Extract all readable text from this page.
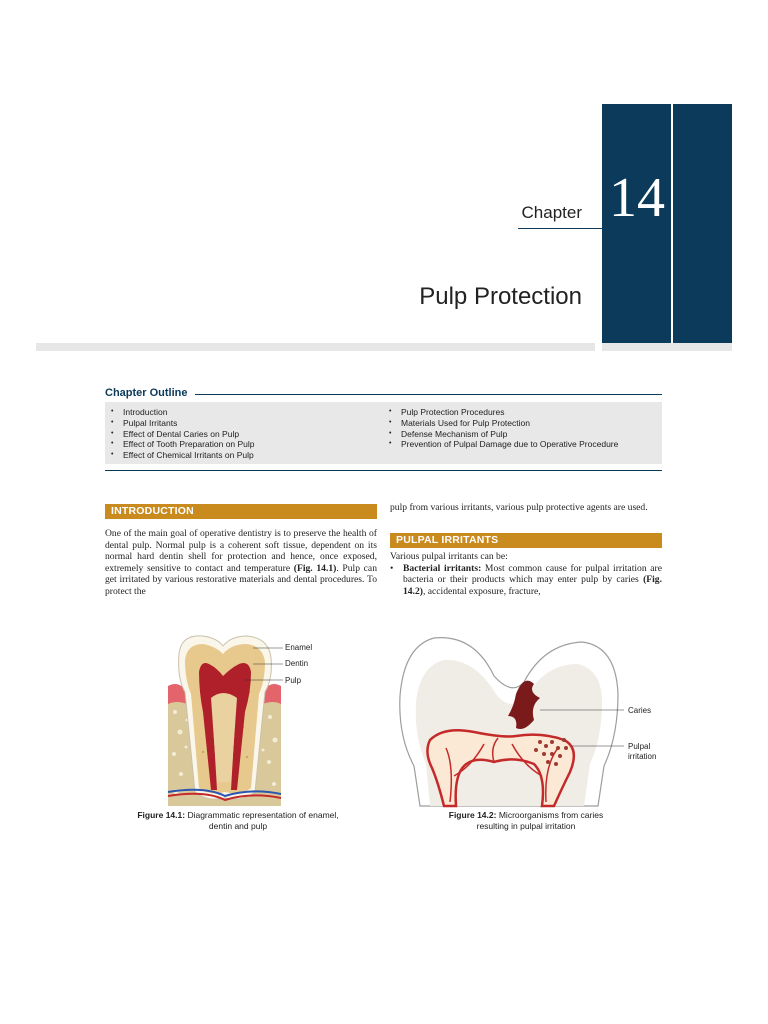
14
Chapter
Pulp Protection
Chapter Outline
• Introduction
• Pulpal Irritants
• Effect of Dental Caries on Pulp
• Effect of Tooth Preparation on Pulp
• Effect of Chemical Irritants on Pulp
• Pulp Protection Procedures
• Materials Used for Pulp Protection
• Defense Mechanism of Pulp
• Prevention of Pulpal Damage due to Operative Procedure
INTRODUCTION
One of the main goal of operative dentistry is to preserve the health of dental pulp. Normal pulp is a coherent soft tissue, dependent on its normal hard dentin shell for protection and hence, once exposed, extremely sensitive to contact and temperature (Fig. 14.1). Pulp can get irritated by various restorative materials and dental procedures. To protect the
pulp from various irritants, various pulp protective agents are used.
PULPAL IRRITANTS
Various pulpal irritants can be:
• Bacterial irritants: Most common cause for pulpal irritation are bacteria or their products which may enter pulp by caries (Fig. 14.2), accidental exposure, fracture,
Enamel
Dentin
Pulp
Figure 14.1: Diagrammatic representation of enamel,
dentin and pulp
Caries
Pulpal
irritation
Figure 14.2: Microorganisms from caries
resulting in pulpal irritation
